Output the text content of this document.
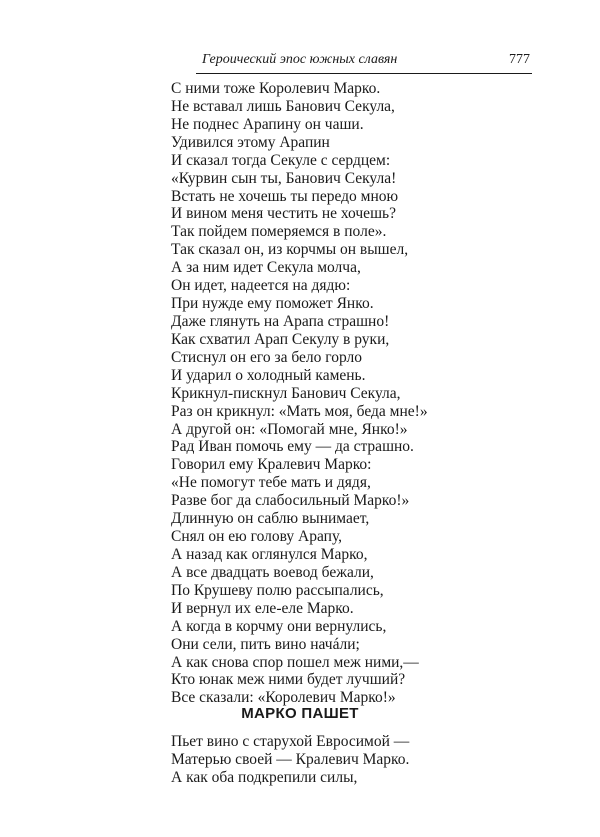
Героический эпос южных славян	777
С ними тоже Королевич Марко.
Не вставал лишь Банович Секула,
Не поднес Арапину он чаши.
Удивился этому Арапин
И сказал тогда Секуле с сердцем:
«Курвин сын ты, Банович Секула!
Встать не хочешь ты передо мною
И вином меня честить не хочешь?
Так пойдем померяемся в поле».
Так сказал он, из корчмы он вышел,
А за ним идет Секула молча,
Он идет, надеется на дядю:
При нужде ему поможет Янко.
Даже глянуть на Арапа страшно!
Как схватил Арап Секулу в руки,
Стиснул он его за бело горло
И ударил о холодный камень.
Крикнул-пискнул Банович Секула,
Раз он крикнул: «Мать моя, беда мне!»
А другой он: «Помогай мне, Янко!»
Рад Иван помочь ему — да страшно.
Говорил ему Кралевич Марко:
«Не помогут тебе мать и дядя,
Разве бог да слабосильный Марко!»
Длинную он саблю вынимает,
Снял он ею голову Арапу,
А назад как оглянулся Марко,
А все двадцать воевод бежали,
По Крушеву полю рассыпались,
И вернул их еле-еле Марко.
А когда в корчму они вернулись,
Они сели, пить вино начáли;
А как снова спор пошел меж ними,—
Кто юнак меж ними будет лучший?
Все сказали: «Королевич Марко!»
МАРКО ПАШЕТ
Пьет вино с старухой Евросимой —
Матерью своей — Кралевич Марко.
А как оба подкрепили силы,
